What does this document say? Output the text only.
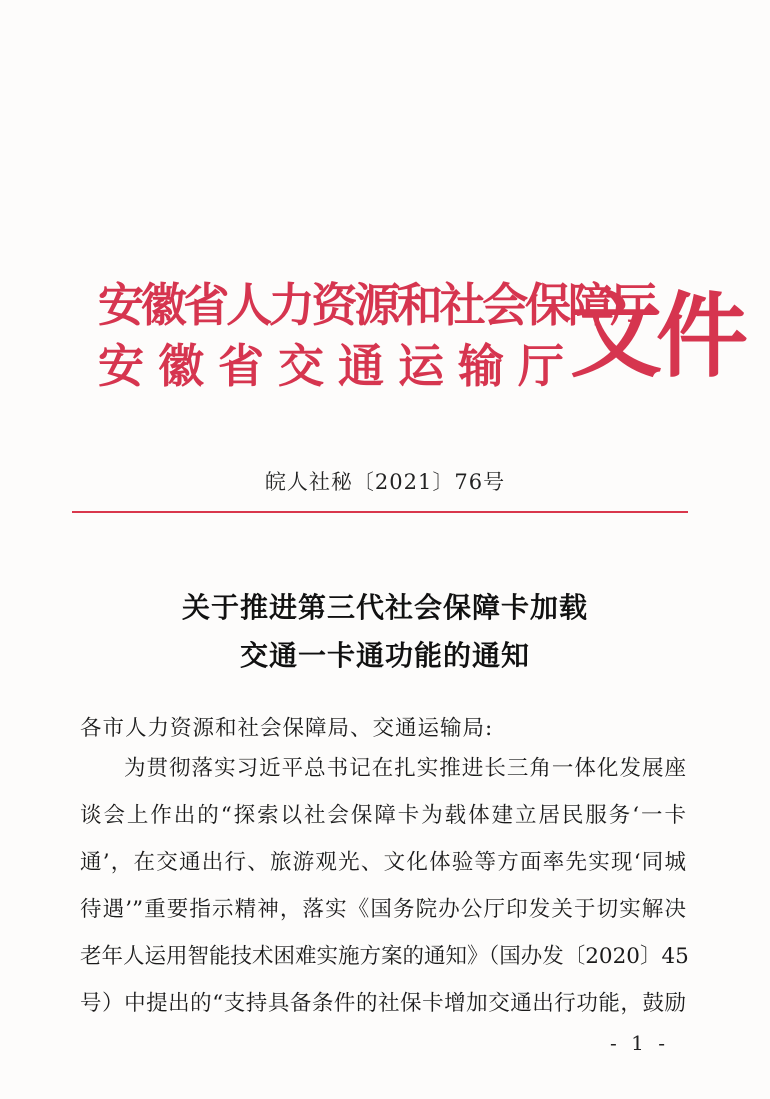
安徽省人力资源和社会保障厅
安徽省交通运输厅
文件
皖人社秘〔2021〕76号
关于推进第三代社会保障卡加载
交通一卡通功能的通知
各市人力资源和社会保障局、交通运输局:
为贯彻落实习近平总书记在扎实推进长三角一体化发展座
谈会上作出的“探索以社会保障卡为载体建立居民服务‘一卡
通’，在交通出行、旅游观光、文化体验等方面率先实现‘同城
待遇’”重要指示精神，落实《国务院办公厅印发关于切实解决
老年人运用智能技术困难实施方案的通知》（国办发〔2020〕45
号）中提出的“支持具备条件的社保卡增加交通出行功能，鼓励
- 1 -
